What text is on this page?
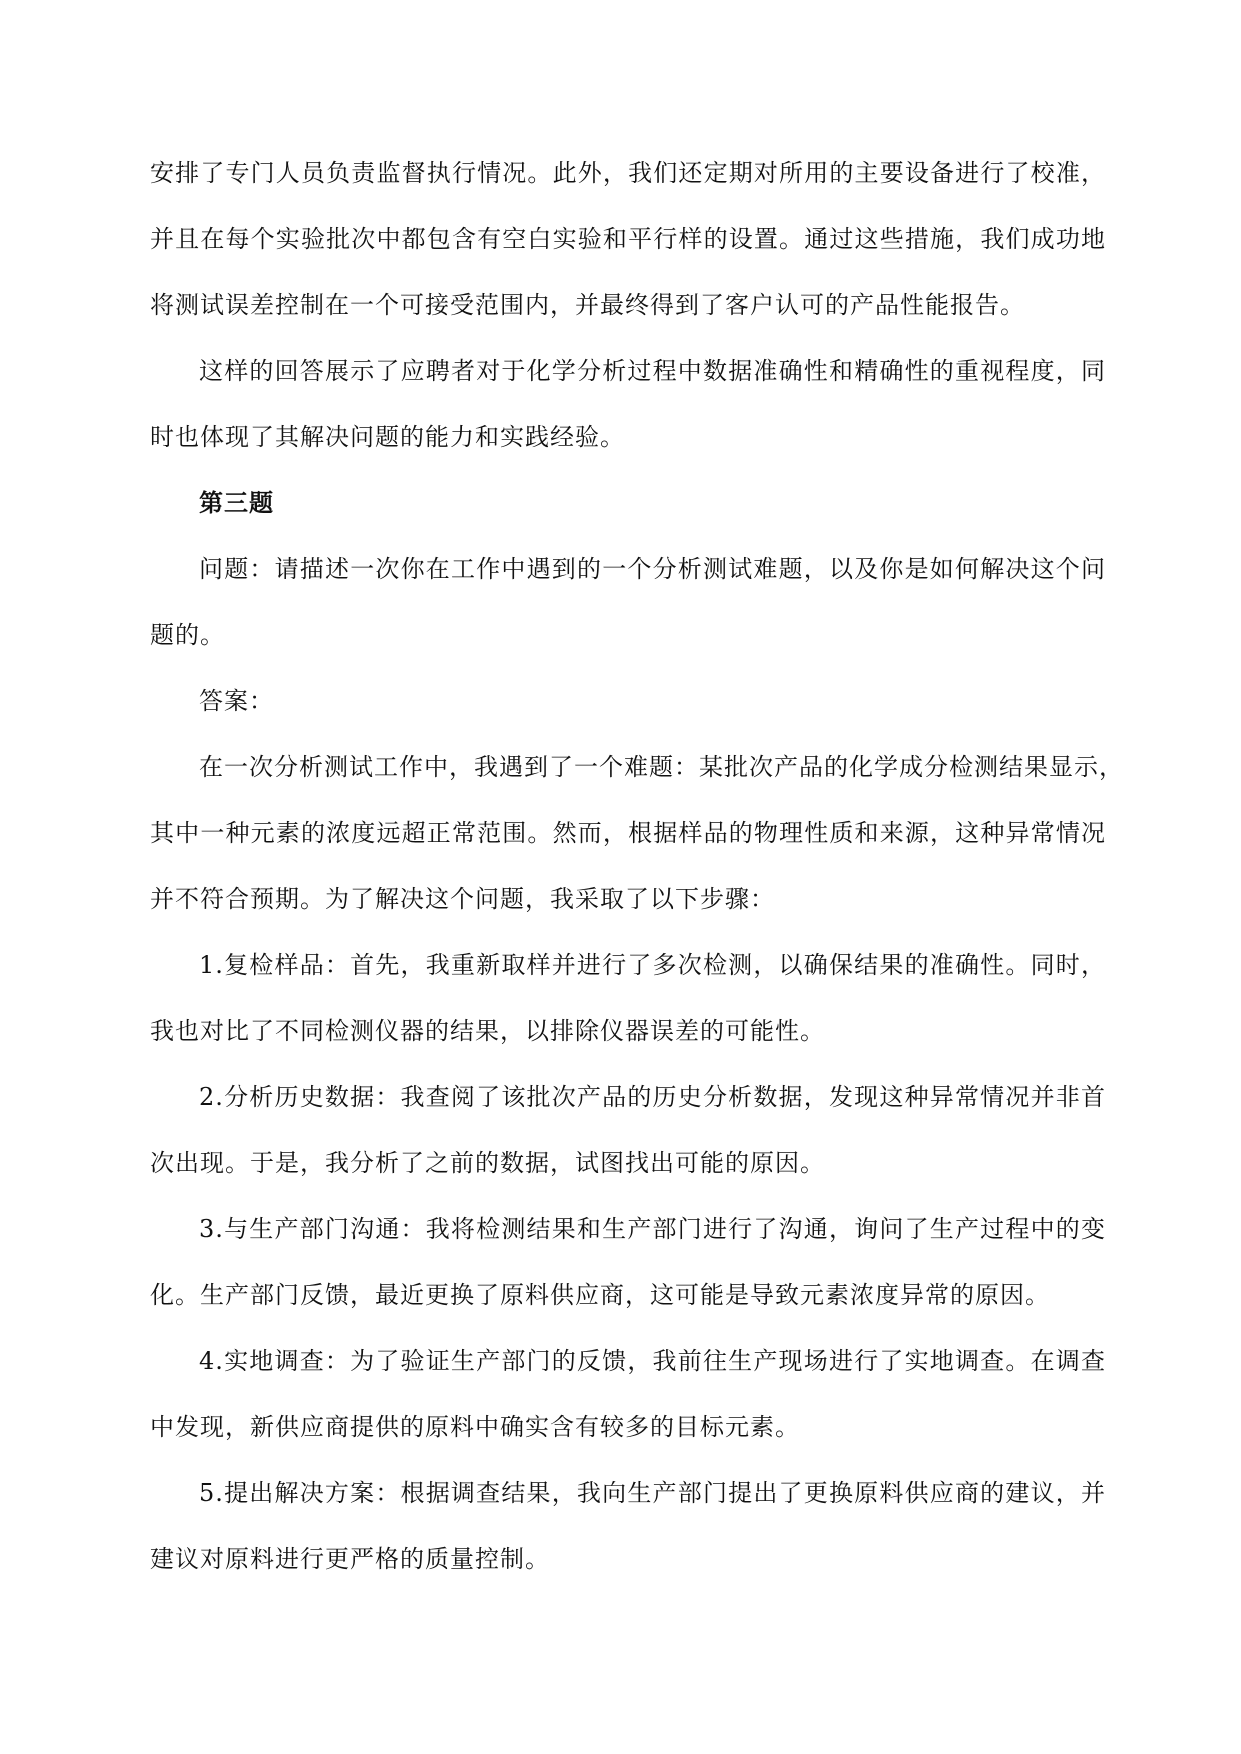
安排了专门人员负责监督执行情况。此外，我们还定期对所用的主要设备进行了校准，
并且在每个实验批次中都包含有空白实验和平行样的设置。通过这些措施，我们成功地
将测试误差控制在一个可接受范围内，并最终得到了客户认可的产品性能报告。
这样的回答展示了应聘者对于化学分析过程中数据准确性和精确性的重视程度，同
时也体现了其解决问题的能力和实践经验。
第三题
问题：请描述一次你在工作中遇到的一个分析测试难题，以及你是如何解决这个问
题的。
答案：
在一次分析测试工作中，我遇到了一个难题：某批次产品的化学成分检测结果显示，
其中一种元素的浓度远超正常范围。然而，根据样品的物理性质和来源，这种异常情况
并不符合预期。为了解决这个问题，我采取了以下步骤：
1.复检样品：首先，我重新取样并进行了多次检测，以确保结果的准确性。同时，
我也对比了不同检测仪器的结果，以排除仪器误差的可能性。
2.分析历史数据：我查阅了该批次产品的历史分析数据，发现这种异常情况并非首
次出现。于是，我分析了之前的数据，试图找出可能的原因。
3.与生产部门沟通：我将检测结果和生产部门进行了沟通，询问了生产过程中的变
化。生产部门反馈，最近更换了原料供应商，这可能是导致元素浓度异常的原因。
4.实地调查：为了验证生产部门的反馈，我前往生产现场进行了实地调查。在调查
中发现，新供应商提供的原料中确实含有较多的目标元素。
5.提出解决方案：根据调查结果，我向生产部门提出了更换原料供应商的建议，并
建议对原料进行更严格的质量控制。
